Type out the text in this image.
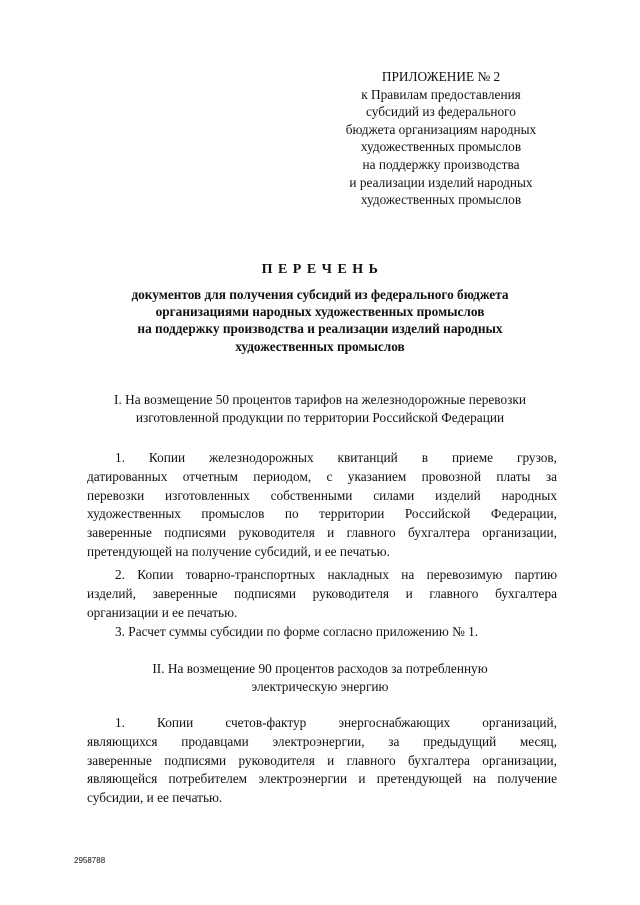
ПРИЛОЖЕНИЕ № 2
к Правилам предоставления
субсидий из федерального
бюджета организациям народных
художественных промыслов
на поддержку производства
и реализации изделий народных
художественных промыслов
ПЕРЕЧЕНЬ
документов для получения субсидий из федерального бюджета
организациями народных художественных промыслов
на поддержку производства и реализации изделий народных
художественных промыслов
I. На возмещение 50 процентов тарифов на железнодорожные перевозки
изготовленной продукции по территории Российской Федерации
1. Копии железнодорожных квитанций в приеме грузов,
датированных отчетным периодом, с указанием провозной платы за
перевозки изготовленных собственными силами изделий народных
художественных промыслов по территории Российской Федерации,
заверенные подписями руководителя и главного бухгалтера организации,
претендующей на получение субсидий, и ее печатью.
2. Копии товарно-транспортных накладных на перевозимую партию
изделий, заверенные подписями руководителя и главного бухгалтера
организации и ее печатью.
3. Расчет суммы субсидии по форме согласно приложению № 1.
II. На возмещение 90 процентов расходов за потребленную
электрическую энергию
1. Копии счетов-фактур энергоснабжающих организаций,
являющихся продавцами электроэнергии, за предыдущий месяц,
заверенные подписями руководителя и главного бухгалтера организации,
являющейся потребителем электроэнергии и претендующей на получение
субсидии, и ее печатью.
2958788
